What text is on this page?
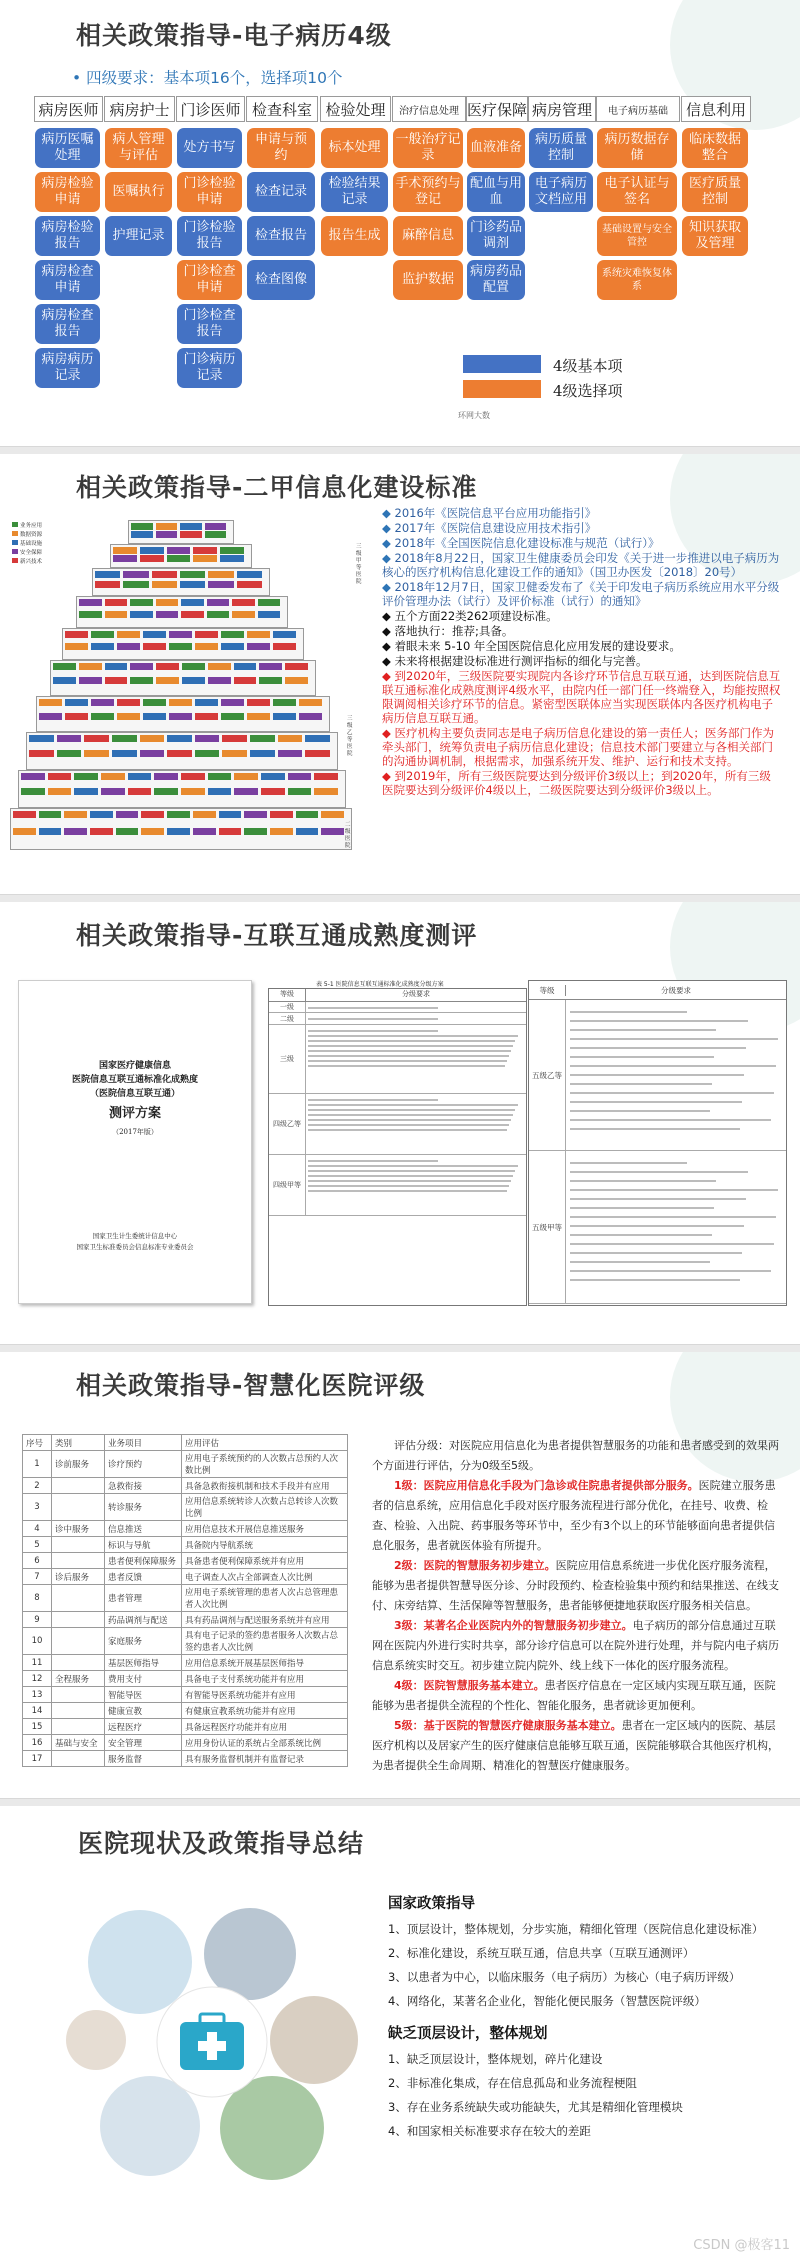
相关政策指导-电子病历4级
• 四级要求：基本项16个，选择项10个
病房医师 病房护士 门诊医师 检查科室 检验处理	治疗信息处理 医疗保障 病房管理	电子病历基础	信息利用
病历医嘱处理
病房检验申请
病房检验报告
病房检查申请
病房检查报告
病房病历记录
病人管理与评估
医嘱执行
护理记录
处方书写
门诊检验申请
门诊检验报告
门诊检查申请
门诊检查报告
门诊病历记录
申请与预约
检查记录
检查报告
检查图像
标本处理
检验结果记录
报告生成
一般治疗记录
手术预约与登记
麻醉信息
监护数据
血液准备
配血与用血
门诊药品调剂
病房药品配置
病历质量控制
电子病历文档应用
病历数据存储
电子认证与签名
基础设置与安全管控
系统灾难恢复体系
临床数据整合
医疗质量控制
知识获取及管理
4级基本项
4级选择项
环网大数
相关政策指导-二甲信息化建设标准
业务应用
数据资源
基础设施
安全保障
新兴技术
三级甲等医院
三级乙等医院
二级医院
◆ 2016年《医院信息平台应用功能指引》
◆ 2017年《医院信息建设应用技术指引》
◆ 2018年《全国医院信息化建设标准与规范（试行）》
◆ 2018年8月22日，国家卫生健康委员会印发《关于进一步推进以电子病历为核心的医疗机构信息化建设工作的通知》（国卫办医发〔2018〕20号）
◆ 2018年12月7日，国家卫健委发布了《关于印发电子病历系统应用水平分级评价管理办法（试行）及评价标准（试行）的通知》
◆ 五个方面22类262项建设标准。
◆ 落地执行：推荐;具备。
◆ 着眼未来 5-10 年全国医院信息化应用发展的建设要求。
◆ 未来将根据建设标准进行测评指标的细化与完善。
◆ 到2020年，三级医院要实现院内各诊疗环节信息互联互通，达到医院信息互联互通标准化成熟度测评4级水平，由院内任一部门任一终端登入，均能按照权限调阅相关诊疗环节的信息。紧密型医联体应当实现医联体内各医疗机构电子病历信息互联互通。
◆ 医疗机构主要负责同志是电子病历信息化建设的第一责任人；医务部门作为牵头部门，统筹负责电子病历信息化建设；信息技术部门要建立与各相关部门的沟通协调机制，根据需求，加强系统开发、维护、运行和技术支持。
◆ 到2019年，所有三级医院要达到分级评价3级以上；到2020年，所有三级医院要达到分级评价4级以上，二级医院要达到分级评价3级以上。
相关政策指导-互联互通成熟度测评
国家医疗健康信息
医院信息互联互通标准化成熟度
（医院信息互联互通）
测评方案
（2017年版）
国家卫生计生委统计信息中心
国家卫生标准委员会信息标准专业委员会
表 5-1 医院信息互联互通标准化成熟度分级方案
等级	分级要求
一级
二级
三级
四级乙等
四级甲等
等级	分级要求
五级乙等
五级甲等
相关政策指导-智慧化医院评级
序号	类别	业务项目	应用评估
1	诊前服务	诊疗预约	应用电子系统预约的人次数占总预约人次数比例
2		急救衔接	具备急救衔接机制和技术手段并有应用
3		转诊服务	应用信息系统转诊人次数占总转诊人次数比例
4	诊中服务	信息推送	应用信息技术开展信息推送服务
5		标识与导航	具备院内导航系统
6		患者便利保障服务	具备患者便利保障系统并有应用
7	诊后服务	患者反馈	电子调查人次占全部调查人次比例
8		患者管理	应用电子系统管理的患者人次占总管理患者人次比例
9		药品调剂与配送	具有药品调剂与配送服务系统并有应用
10		家庭服务	具有电子记录的签约患者服务人次数占总签约患者人次比例
11		基层医师指导	应用信息系统开展基层医师指导
12	全程服务	费用支付	具备电子支付系统功能并有应用
13		智能导医	有智能导医系统功能并有应用
14		健康宣教	有健康宣教系统功能并有应用
15		远程医疗	具备远程医疗功能并有应用
16	基础与安全	安全管理	应用身份认证的系统占全部系统比例
17		服务监督	具有服务监督机制并有监督记录
评估分级：对医院应用信息化为患者提供智慧服务的功能和患者感受到的效果两个方面进行评估，分为0级至5级。
1级：医院应用信息化手段为门急诊或住院患者提供部分服务。医院建立服务患者的信息系统，应用信息化手段对医疗服务流程进行部分优化，在挂号、收费、检查、检验、入出院、药事服务等环节中，至少有3个以上的环节能够面向患者提供信息化服务，患者就医体验有所提升。
2级：医院的智慧服务初步建立。医院应用信息系统进一步优化医疗服务流程，能够为患者提供智慧导医分诊、分时段预约、检查检验集中预约和结果推送、在线支付、床旁结算、生活保障等智慧服务，患者能够便捷地获取医疗服务相关信息。
3级：某著名企业医院内外的智慧服务初步建立。电子病历的部分信息通过互联网在医院内外进行实时共享，部分诊疗信息可以在院外进行处理，并与院内电子病历信息系统实时交互。初步建立院内院外、线上线下一体化的医疗服务流程。
4级：医院智慧服务基本建立。患者医疗信息在一定区域内实现互联互通，医院能够为患者提供全流程的个性化、智能化服务，患者就诊更加便利。
5级：基于医院的智慧医疗健康服务基本建立。患者在一定区域内的医院、基层医疗机构以及居家产生的医疗健康信息能够互联互通，医院能够联合其他医疗机构，为患者提供全生命周期、精准化的智慧医疗健康服务。
医院现状及政策指导总结
国家政策指导
1、顶层设计，整体规划，分步实施，精细化管理（医院信息化建设标准）
2、标准化建设，系统互联互通，信息共享（互联互通测评）
3、以患者为中心，以临床服务（电子病历）为核心（电子病历评级）
4、网络化，某著名企业化，智能化便民服务（智慧医院评级）
缺乏顶层设计，整体规划
1、缺乏顶层设计，整体规划，碎片化建设
2、非标准化集成，存在信息孤岛和业务流程梗阻
3、存在业务系统缺失或功能缺失，尤其是精细化管理模块
4、和国家相关标准要求存在较大的差距
CSDN @极客11
